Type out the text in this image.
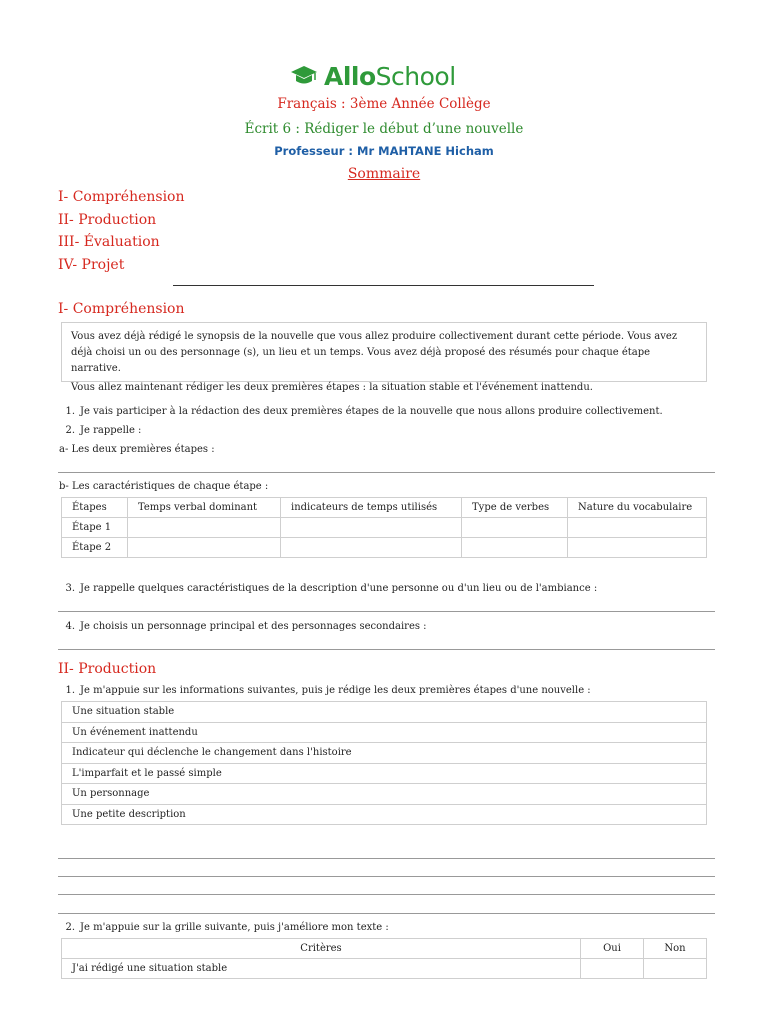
AlloSchool
Français : 3ème Année Collège
Écrit 6 : Rédiger le début d’une nouvelle
Professeur : Mr MAHTANE Hicham
Sommaire
I- Compréhension
II- Production
III- Évaluation
IV- Projet
I- Compréhension

Vous avez déjà rédigé le synopsis de la nouvelle que vous allez produire collectivement durant cette période. Vous avez déjà choisi un ou des personnage (s), un lieu et un temps. Vous avez déjà proposé des résumés pour chaque étape narrative.

Vous allez maintenant rédiger les deux premières étapes : la situation stable et l'événement inattendu.

1. Je vais participer à la rédaction des deux premières étapes de la nouvelle que nous allons produire collectivement.
2. Je rappelle :
a- Les deux premières étapes :
b- Les caractéristiques de chaque étape :
Étapes	Temps verbal dominant	indicateurs de temps utilisés	Type de verbes	Nature du vocabulaire
Étape 1				
Étape 2				
3. Je rappelle quelques caractéristiques de la description d'une personne ou d'un lieu ou de l'ambiance :
4. Je choisis un personnage principal et des personnages secondaires :
II- Production
1. Je m'appuie sur les informations suivantes, puis je rédige les deux premières étapes d'une nouvelle :
Une situation stable
Un événement inattendu
Indicateur qui déclenche le changement dans l'histoire
L'imparfait et le passé simple
Un personnage
Une petite description
2. Je m'appuie sur la grille suivante, puis j'améliore mon texte :
Critères	Oui	Non
J'ai rédigé une situation stable		
